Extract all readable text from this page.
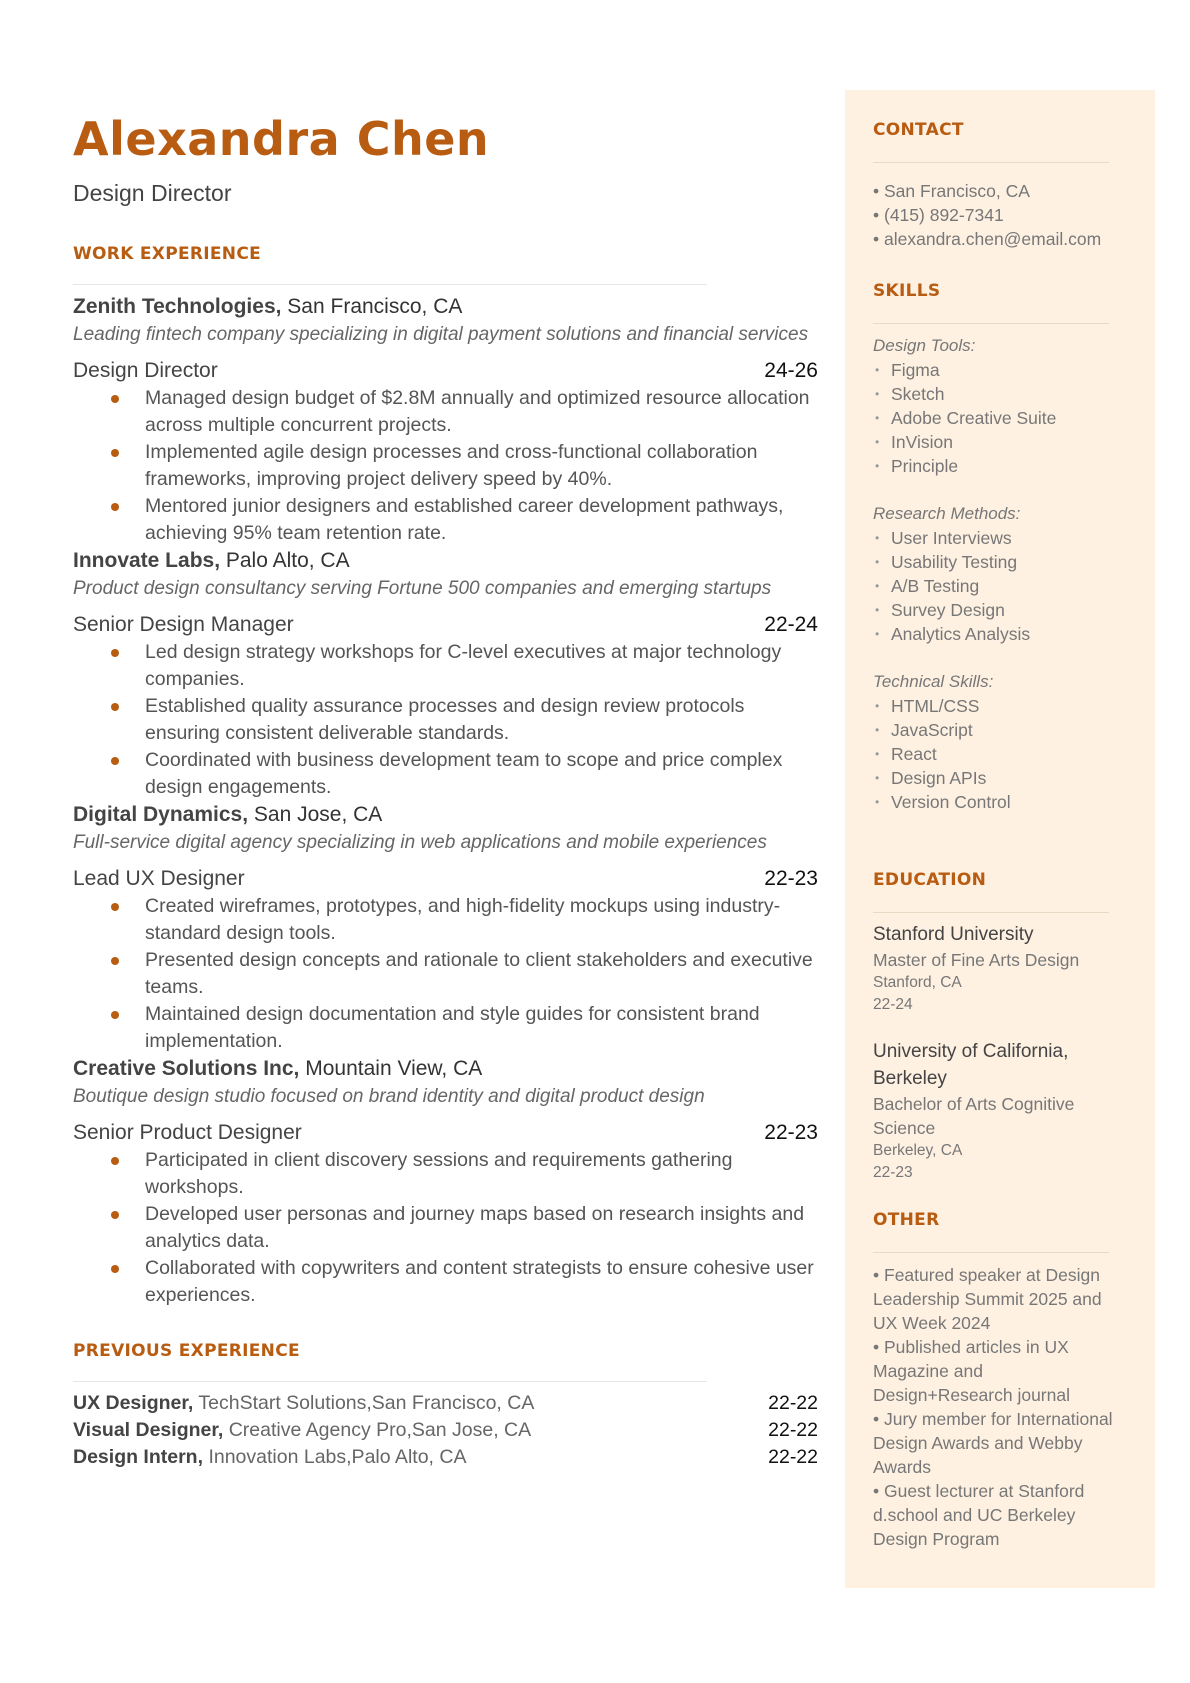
Alexandra Chen
Design Director
WORK EXPERIENCE
Zenith Technologies, San Francisco, CA
Leading fintech company specializing in digital payment solutions and financial services
Design Director	24-26
Managed design budget of $2.8M annually and optimized resource allocation across multiple concurrent projects.
Implemented agile design processes and cross-functional collaboration frameworks, improving project delivery speed by 40%.
Mentored junior designers and established career development pathways, achieving 95% team retention rate.
Innovate Labs, Palo Alto, CA
Product design consultancy serving Fortune 500 companies and emerging startups
Senior Design Manager	22-24
Led design strategy workshops for C-level executives at major technology companies.
Established quality assurance processes and design review protocols ensuring consistent deliverable standards.
Coordinated with business development team to scope and price complex design engagements.
Digital Dynamics, San Jose, CA
Full-service digital agency specializing in web applications and mobile experiences
Lead UX Designer	22-23
Created wireframes, prototypes, and high-fidelity mockups using industry-standard design tools.
Presented design concepts and rationale to client stakeholders and executive teams.
Maintained design documentation and style guides for consistent brand implementation.
Creative Solutions Inc, Mountain View, CA
Boutique design studio focused on brand identity and digital product design
Senior Product Designer	22-23
Participated in client discovery sessions and requirements gathering workshops.
Developed user personas and journey maps based on research insights and analytics data.
Collaborated with copywriters and content strategists to ensure cohesive user experiences.
PREVIOUS EXPERIENCE
UX Designer, TechStart Solutions,San Francisco, CA	22-22
Visual Designer, Creative Agency Pro,San Jose, CA	22-22
Design Intern, Innovation Labs,Palo Alto, CA	22-22
CONTACT
• San Francisco, CA
• (415) 892-7341
• alexandra.chen@email.com
SKILLS
Design Tools:
• Figma
• Sketch
• Adobe Creative Suite
• InVision
• Principle
Research Methods:
• User Interviews
• Usability Testing
• A/B Testing
• Survey Design
• Analytics Analysis
Technical Skills:
• HTML/CSS
• JavaScript
• React
• Design APIs
• Version Control
EDUCATION
Stanford University
Master of Fine Arts Design
Stanford, CA
22-24
University of California, Berkeley
Bachelor of Arts Cognitive Science
Berkeley, CA
22-23
OTHER
• Featured speaker at Design Leadership Summit 2025 and UX Week 2024
• Published articles in UX Magazine and Design+Research journal
• Jury member for International Design Awards and Webby Awards
• Guest lecturer at Stanford d.school and UC Berkeley Design Program
